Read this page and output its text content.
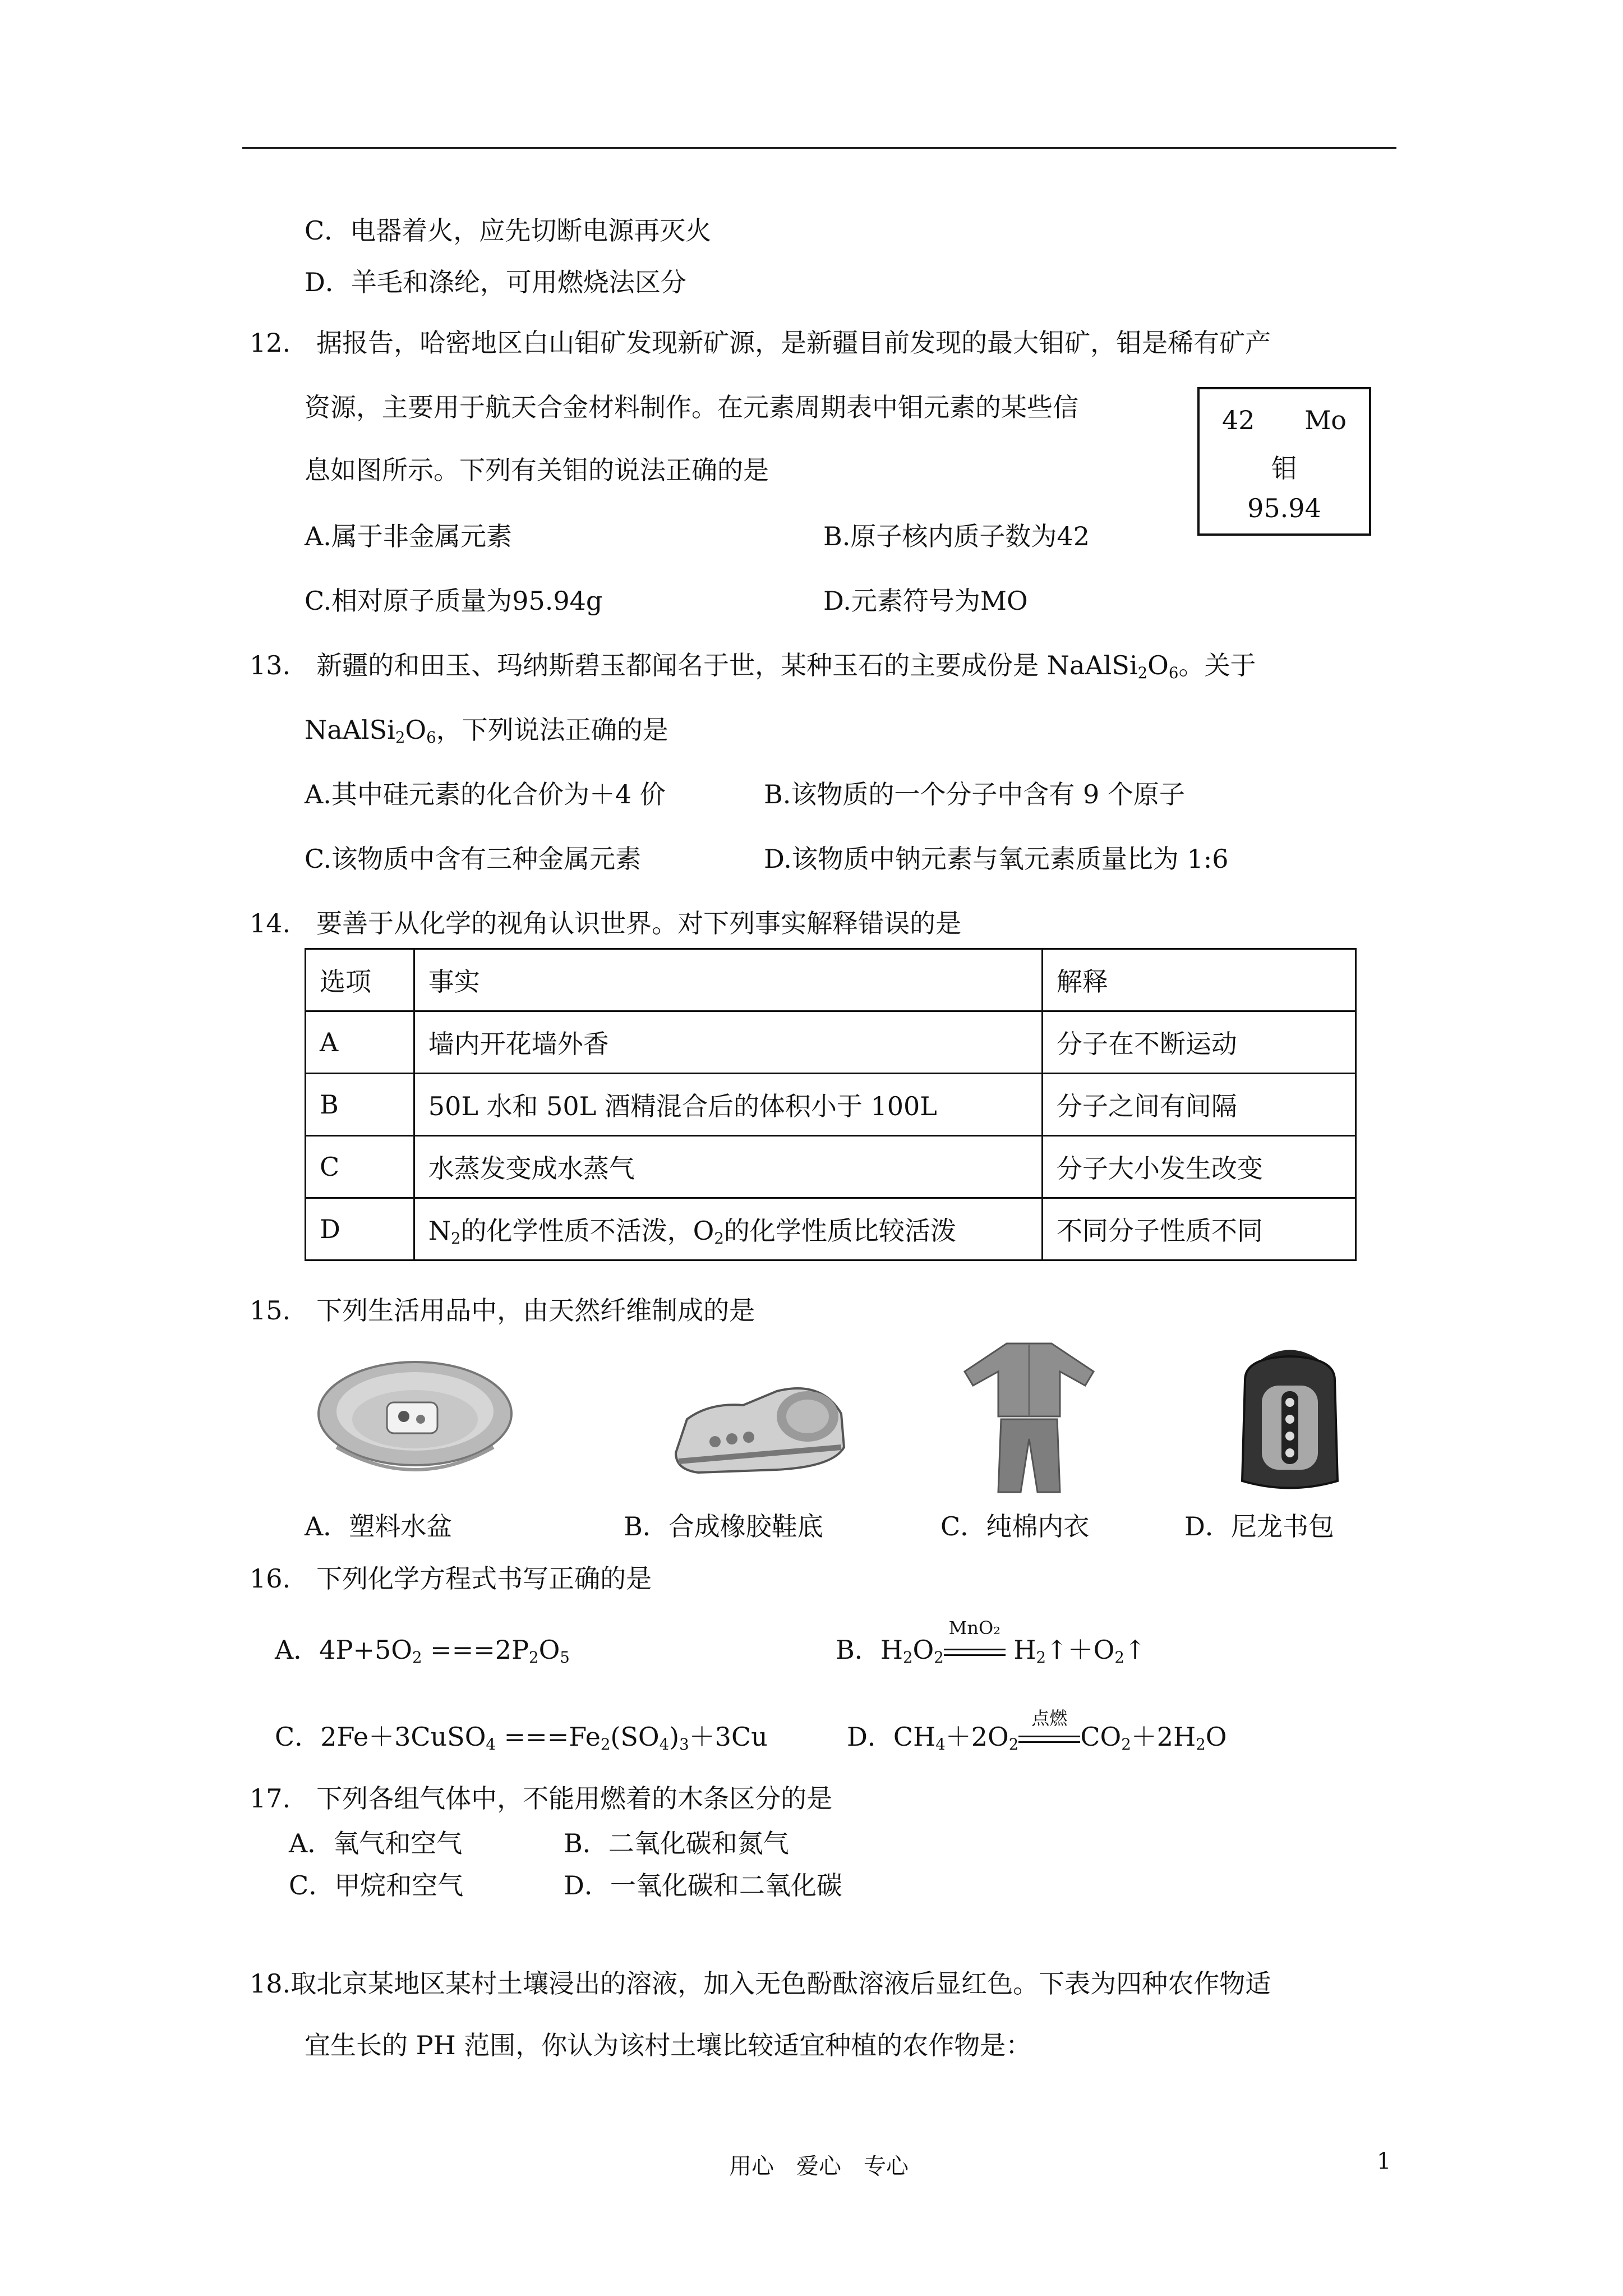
C．电器着火，应先切断电源再灭火
D．羊毛和涤纶，可用燃烧法区分
12.　据报告，哈密地区白山钼矿发现新矿源，是新疆目前发现的最大钼矿，钼是稀有矿产
资源，主要用于航天合金材料制作。在元素周期表中钼元素的某些信
息如图所示。下列有关钼的说法正确的是
A.属于非金属元素	B.原子核内质子数为42
C.相对原子质量为95.94g	D.元素符号为MO
42 Mo
钼
95.94
13.　新疆的和田玉、玛纳斯碧玉都闻名于世，某种玉石的主要成份是 $NaAlSi_2O_6$。关于
$NaAlSi_2O_6$，下列说法正确的是
A.其中硅元素的化合价为＋4 价	B.该物质的一个分子中含有 9 个原子
C.该物质中含有三种金属元素	D.该物质中钠元素与氧元素质量比为 1:6
14.　要善于从化学的视角认识世界。对下列事实解释错误的是
选项	事实	解释
A	墙内开花墙外香	分子在不断运动
B	50L 水和 50L 酒精混合后的体积小于 100L	分子之间有间隔
C	水蒸发变成水蒸气	分子大小发生改变
D	$N_2$的化学性质不活泼，$O_2$的化学性质比较活泼	不同分子性质不同
15.　下列生活用品中，由天然纤维制成的是
A．塑料水盆	B．合成橡胶鞋底	C．纯棉内衣	D．尼龙书包
16.　下列化学方程式书写正确的是
A．$4P+5O_2 ===2P_2O_5$	B．$H_2O_2$
MnO₂
$H_2↑+O_2↑$
C．2Fe＋3CuSO$_4$ $===Fe_2(SO_4)_3+3Cu$	D．$CH_4+2O_2$
点燃
$CO_2+2H_2O$
17.　下列各组气体中，不能用燃着的木条区分的是
A．氧气和空气	B．二氧化碳和氮气
C．甲烷和空气	D．一氧化碳和二氧化碳
18.取北京某地区某村土壤浸出的溶液，加入无色酚酞溶液后显红色。下表为四种农作物适
宜生长的 PH 范围，你认为该村土壤比较适宜种植的农作物是：
用心　爱心　专心	1
